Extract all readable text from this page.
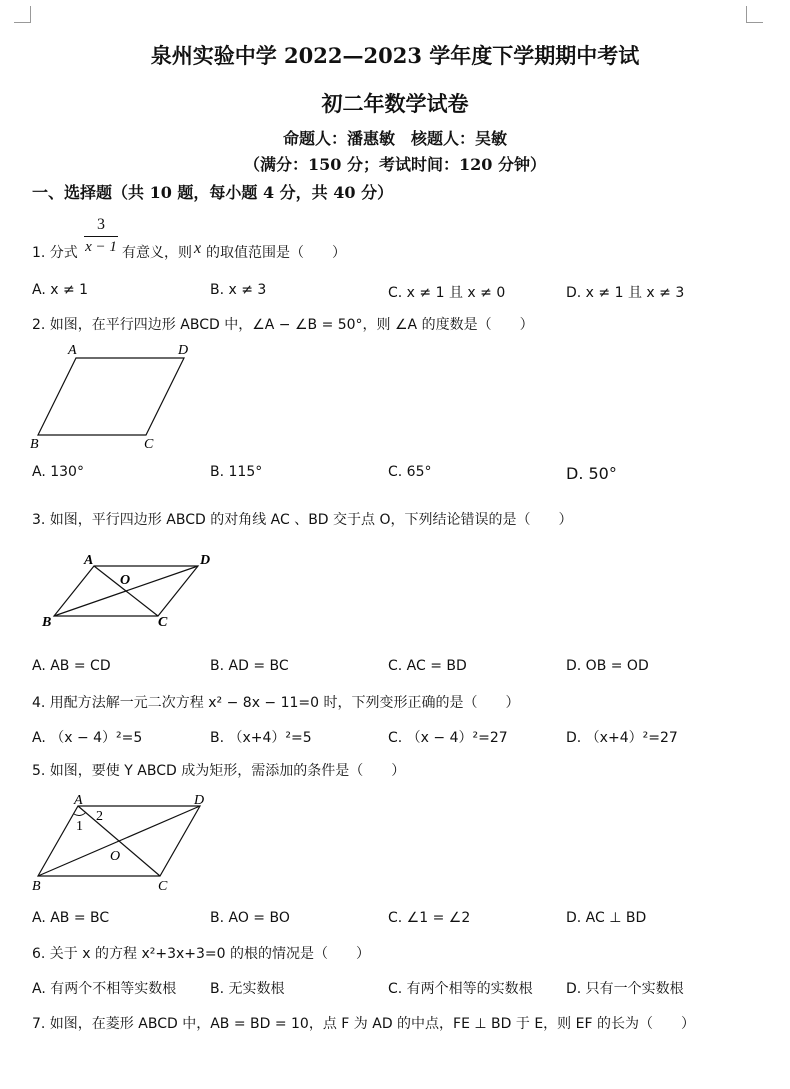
泉州实验中学 2022—2023 学年度下学期期中考试
初二年数学试卷
命题人：潘惠敏　核题人：吴敏
（满分：150 分；考试时间：120 分钟）
一、选择题（共 10 题，每小题 4 分，共 40 分）
1. 分式
3
x − 1 有意义，则 x 的取值范围是（　　）
A. x ≠ 1	B. x ≠ 3	C. x ≠ 1 且 x ≠ 0	D. x ≠ 1 且 x ≠ 3
2. 如图，在平行四边形 ABCD 中，∠A − ∠B = 50°，则 ∠A 的度数是（　　）
A	D
B	C
A. 130°	B. 115°	C. 65°	D. 50°
3. 如图，平行四边形 ABCD 的对角线 AC 、BD 交于点 O，下列结论错误的是（　　）
A	D
O
B	C
A. AB = CD	B. AD = BC	C. AC = BD	D. OB = OD
4. 用配方法解一元二次方程 x² − 8x − 11=0 时，下列变形正确的是（　　）
A. （x − 4）²=5	B. （x+4）²=5	C. （x − 4）²=27	D. （x+4）²=27
5. 如图，要使 Y ABCD 成为矩形，需添加的条件是（　　）
A	D
1
2
O
B	C
A. AB = BC	B. AO = BO	C. ∠1 = ∠2	D. AC ⊥ BD
6. 关于 x 的方程 x²+3x+3=0 的根的情况是（　　）
A. 有两个不相等实数根 B. 无实数根	C. 有两个相等的实数根 D. 只有一个实数根
7. 如图，在菱形 ABCD 中，AB = BD = 10，点 F 为 AD 的中点，FE ⊥ BD 于 E，则 EF 的长为（　　）
